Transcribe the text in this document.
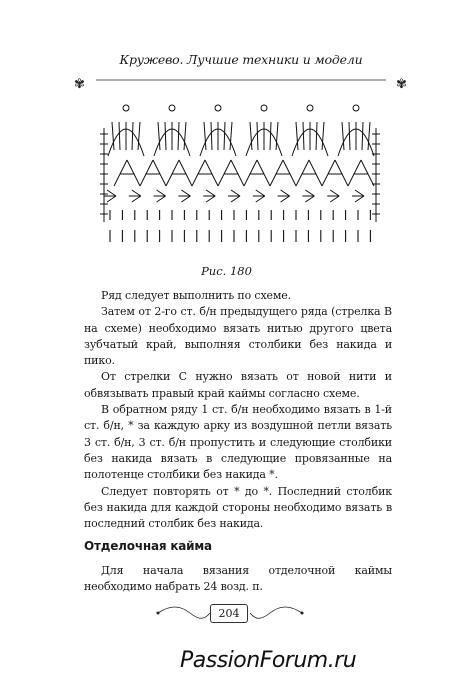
Кружево. Лучшие техники и модели
✾	✾
Рис. 180

Ряд следует выполнить по схеме.

Затем от 2-го ст. б/н предыдущего ряда (стрелка В на схеме) необходимо вязать нитью другого цвета зубчатый край, выполняя столбики без накида и пико.

От стрелки С нужно вязать от новой нити и обвязывать правый край каймы согласно схеме.

В обратном ряду 1 ст. б/н необходимо вязать в 1-й ст. б/н, * за каждую арку из воздушной петли вязать 3 ст. б/н, 3 ст. б/н пропустить и следующие столбики без накида вязать в следующие провязанные на полотенце столбики без накида *.

Следует повторять от * до *. Последний столбик без накида для каждой стороны необходимо вязать в последний столбик без накида.

Отделочная кайма

Для начала вязания отделочной каймы необходимо набрать 24 возд. п.

204
PassionForum.ru
